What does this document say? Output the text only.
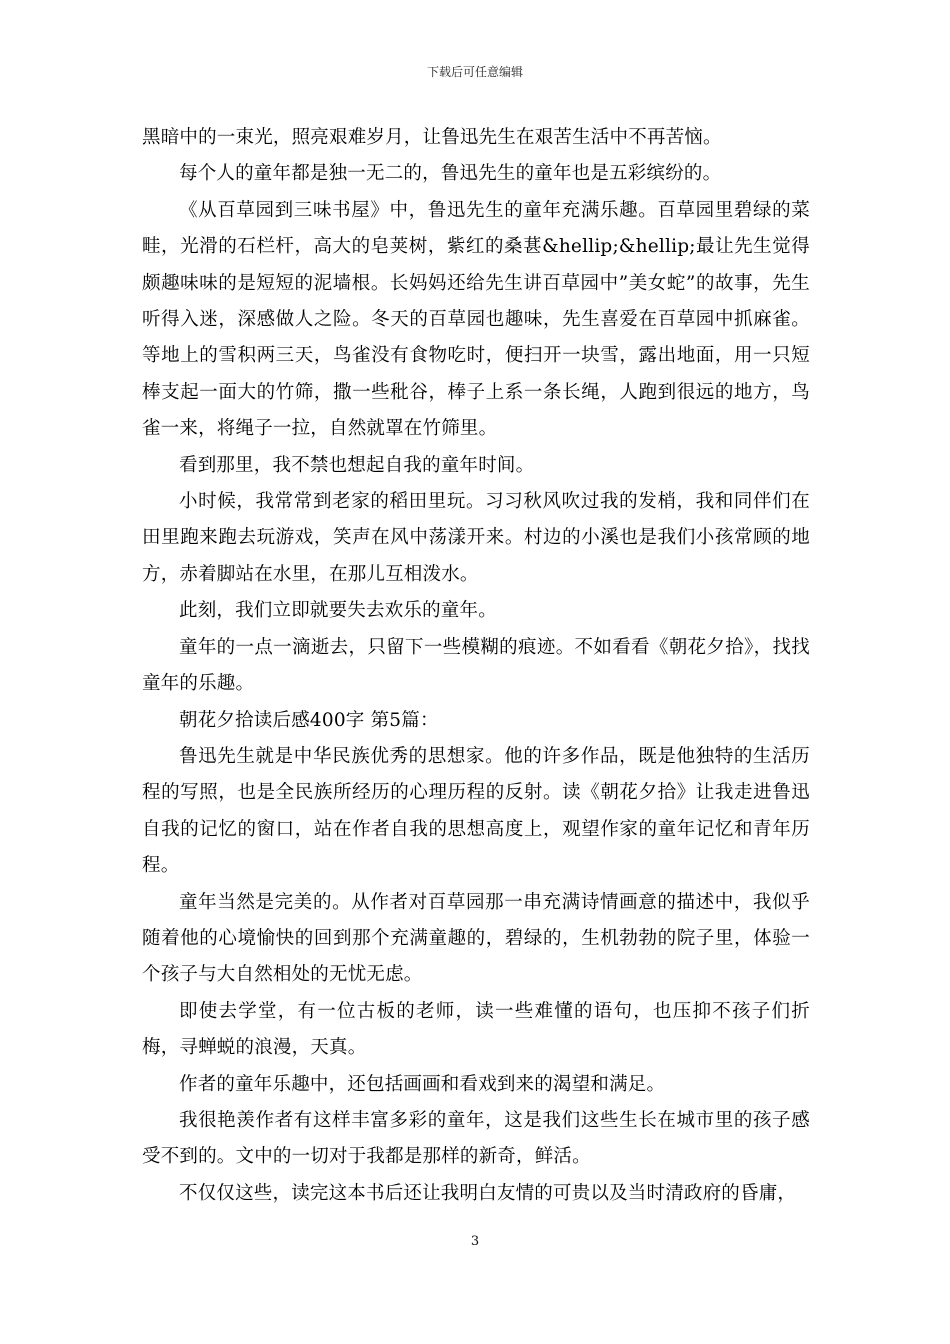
下载后可任意编辑

黑暗中的一束光，照亮艰难岁月，让鲁迅先生在艰苦生活中不再苦恼。

每个人的童年都是独一无二的，鲁迅先生的童年也是五彩缤纷的。

《从百草园到三味书屋》中，鲁迅先生的童年充满乐趣。百草园里碧绿的菜畦，光滑的石栏杆，高大的皂荚树，紫红的桑葚&hellip;&hellip;最让先生觉得颇趣味味的是短短的泥墙根。长妈妈还给先生讲百草园中”美女蛇”的故事，先生听得入迷，深感做人之险。冬天的百草园也趣味，先生喜爱在百草园中抓麻雀。等地上的雪积两三天，鸟雀没有食物吃时，便扫开一块雪，露出地面，用一只短棒支起一面大的竹筛，撒一些秕谷，棒子上系一条长绳，人跑到很远的地方，鸟雀一来，将绳子一拉，自然就罩在竹筛里。

看到那里，我不禁也想起自我的童年时间。

小时候，我常常到老家的稻田里玩。习习秋风吹过我的发梢，我和同伴们在田里跑来跑去玩游戏，笑声在风中荡漾开来。村边的小溪也是我们小孩常顾的地方，赤着脚站在水里，在那儿互相泼水。

此刻，我们立即就要失去欢乐的童年。

童年的一点一滴逝去，只留下一些模糊的痕迹。不如看看《朝花夕拾》，找找童年的乐趣。

朝花夕拾读后感400字 第5篇：

鲁迅先生就是中华民族优秀的思想家。他的许多作品，既是他独特的生活历程的写照，也是全民族所经历的心理历程的反射。读《朝花夕拾》让我走进鲁迅自我的记忆的窗口，站在作者自我的思想高度上，观望作家的童年记忆和青年历程。

童年当然是完美的。从作者对百草园那一串充满诗情画意的描述中，我似乎随着他的心境愉快的回到那个充满童趣的，碧绿的，生机勃勃的院子里，体验一个孩子与大自然相处的无忧无虑。

即使去学堂，有一位古板的老师，读一些难懂的语句，也压抑不孩子们折梅，寻蝉蜕的浪漫，天真。

作者的童年乐趣中，还包括画画和看戏到来的渴望和满足。

我很艳羡作者有这样丰富多彩的童年，这是我们这些生长在城市里的孩子感受不到的。文中的一切对于我都是那样的新奇，鲜活。

不仅仅这些，读完这本书后还让我明白友情的可贵以及当时清政府的昏庸，

3
